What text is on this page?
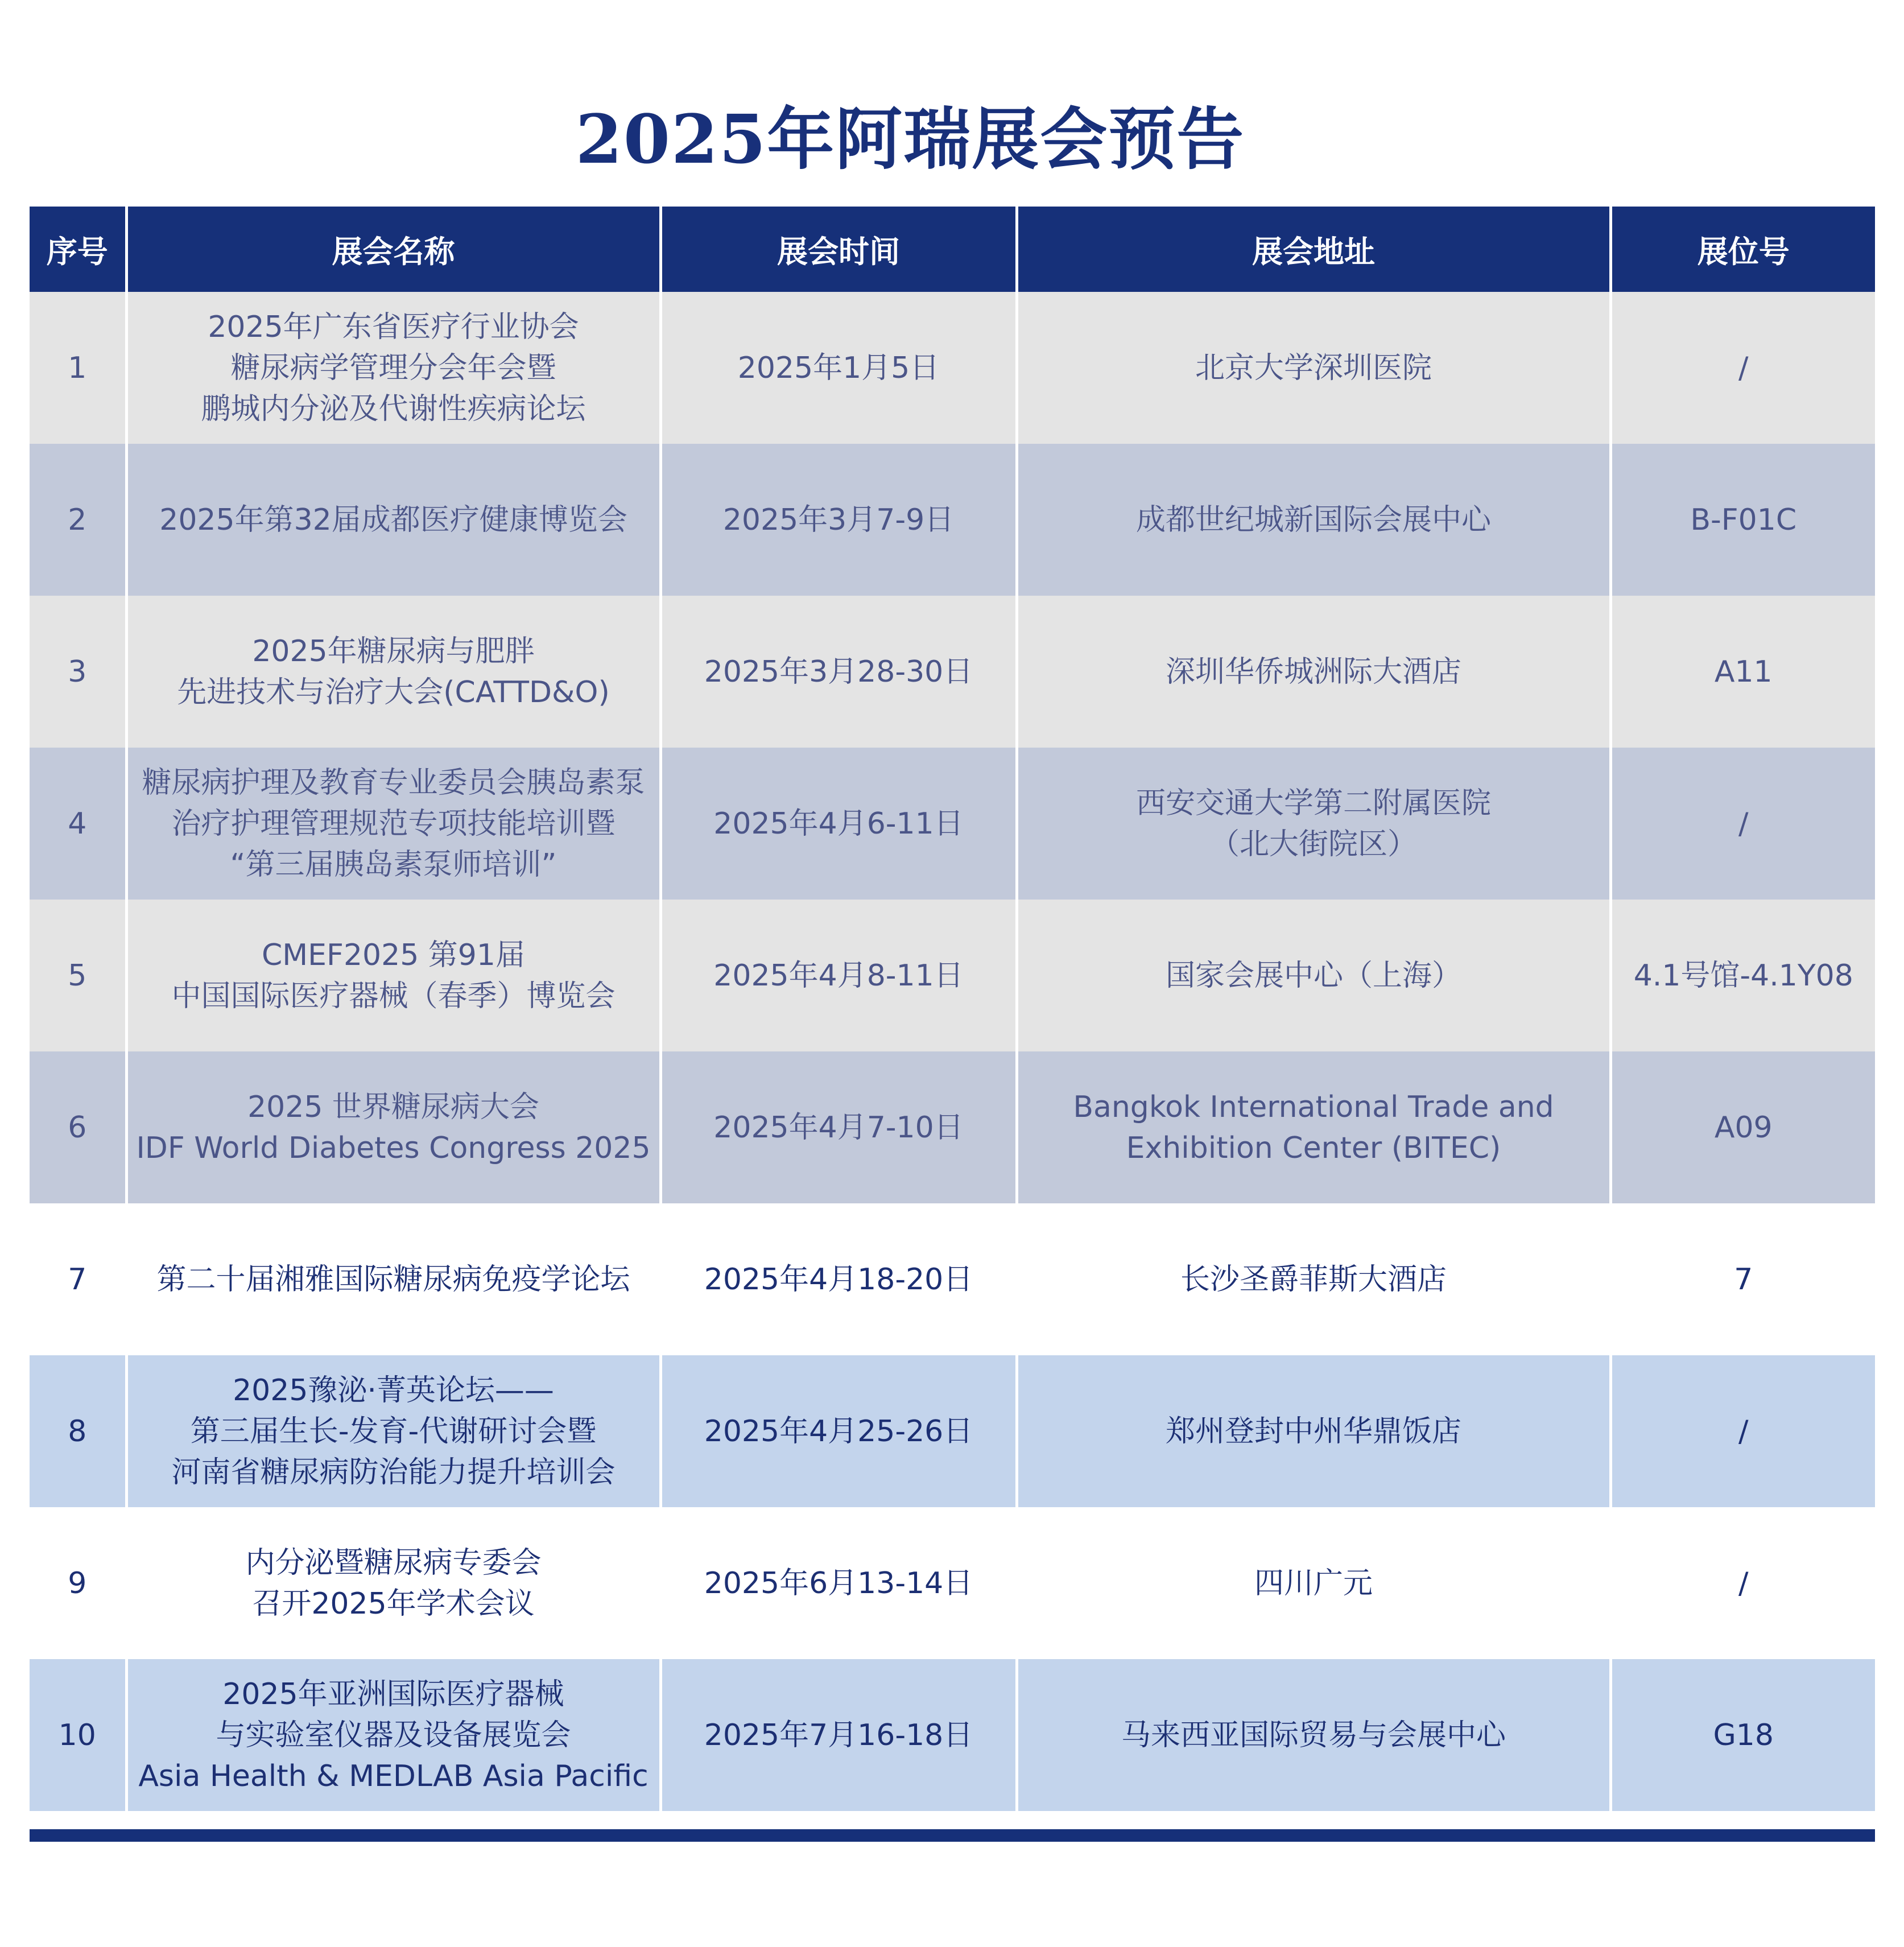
2025年阿瑞展会预告
序号	展会名称	展会时间	展会地址	展位号
1	2025年广东省医疗行业协会
糖尿病学管理分会年会暨
鹏城内分泌及代谢性疾病论坛	2025年1月5日	北京大学深圳医院	/
2	2025年第32届成都医疗健康博览会	2025年3月7-9日	成都世纪城新国际会展中心	B-F01C
3	2025年糖尿病与肥胖
先进技术与治疗大会(CATTD&O)	2025年3月28-30日	深圳华侨城洲际大酒店	A11
4	糖尿病护理及教育专业委员会胰岛素泵
治疗护理管理规范专项技能培训暨
“第三届胰岛素泵师培训”	2025年4月6-11日	西安交通大学第二附属医院
（北大街院区）	/
5	CMEF2025 第91届
中国国际医疗器械（春季）博览会	2025年4月8-11日	国家会展中心（上海）	4.1号馆-4.1Y08
6	2025 世界糖尿病大会
IDF World Diabetes Congress 2025	2025年4月7-10日	Bangkok International Trade and
Exhibition Center (BITEC)	A09
7	第二十届湘雅国际糖尿病免疫学论坛	2025年4月18-20日	长沙圣爵菲斯大酒店	7
8	2025豫泌·菁英论坛——
第三届生长-发育-代谢研讨会暨
河南省糖尿病防治能力提升培训会	2025年4月25-26日	郑州登封中州华鼎饭店	/
9	内分泌暨糖尿病专委会
召开2025年学术会议	2025年6月13-14日	四川广元	/
10	2025年亚洲国际医疗器械
与实验室仪器及设备展览会
Asia Health & MEDLAB Asia Pacific	2025年7月16-18日	马来西亚国际贸易与会展中心	G18
